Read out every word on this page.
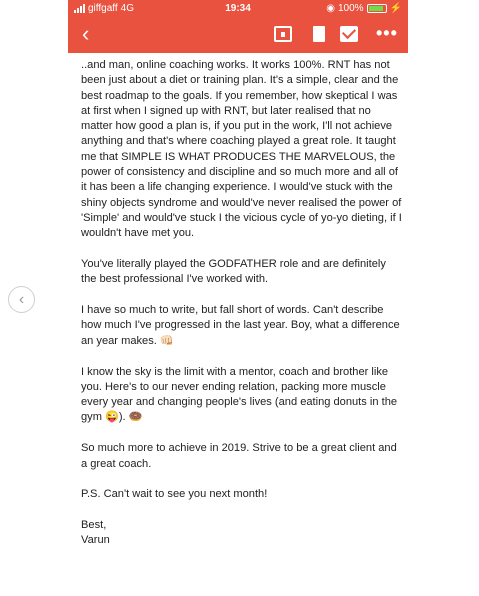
‹
giffgaff 4G	19:34	◉ 100%	⚡
‹	•••

..and man, online coaching works. It works 100%. RNT has not been just about a diet or training plan. It's a simple, clear and the best roadmap to the goals. If you remember, how skeptical I was at first when I signed up with RNT, but later realised that no matter how good a plan is, if you put in the work, I'll not achieve anything and that's where coaching played a great role. It taught me that SIMPLE IS WHAT PRODUCES THE MARVELOUS, the power of consistency and discipline and so much more and all of it has been a life changing experience. I would've stuck with the shiny objects syndrome and would've never realised the power of 'Simple' and would've stuck I the vicious cycle of yo-yo dieting, if I wouldn't have met you.

You've literally played the GODFATHER role and are definitely the best professional I've worked with.

I have so much to write, but fall short of words. Can't describe how much I've progressed in the last year. Boy, what a difference an year makes. 👊🏻

I know the sky is the limit with a mentor, coach and brother like you. Here's to our never ending relation, packing more muscle every year and changing people's lives (and eating donuts in the gym 😜). 🍩

So much more to achieve in 2019. Strive to be a great client and a great coach.

P.S. Can't wait to see you next month!

Best,
Varun
